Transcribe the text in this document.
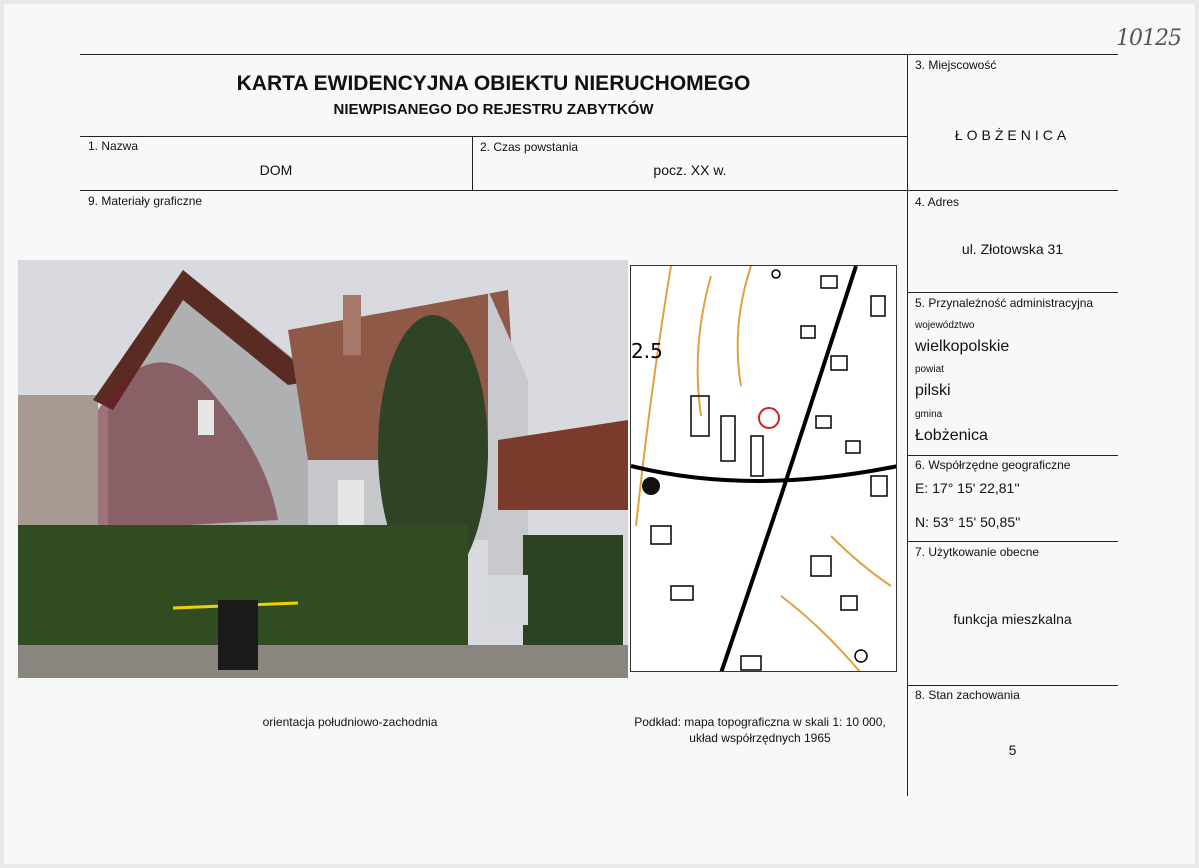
10125
KARTA EWIDENCYJNA OBIEKTU NIERUCHOMEGO
NIEWPISANEGO DO REJESTRU ZABYTKÓW
1. Nazwa
DOM
2. Czas powstania
pocz. XX w.
3. Miejscowość
ŁOBŻENICA
4. Adres
ul. Złotowska 31
5. Przynależność administracyjna
województwo
wielkopolskie
powiat
pilski
gmina
Łobżenica
6. Współrzędne geograficzne
E: 17° 15' 22,81''
N: 53° 15' 50,85''
7. Użytkowanie obecne
funkcja mieszkalna
8. Stan zachowania
5
9. Materiały graficzne
2.5
orientacja południowo-zachodnia	Podkład: mapa topograficzna w skali 1: 10 000,
układ współrzędnych 1965
